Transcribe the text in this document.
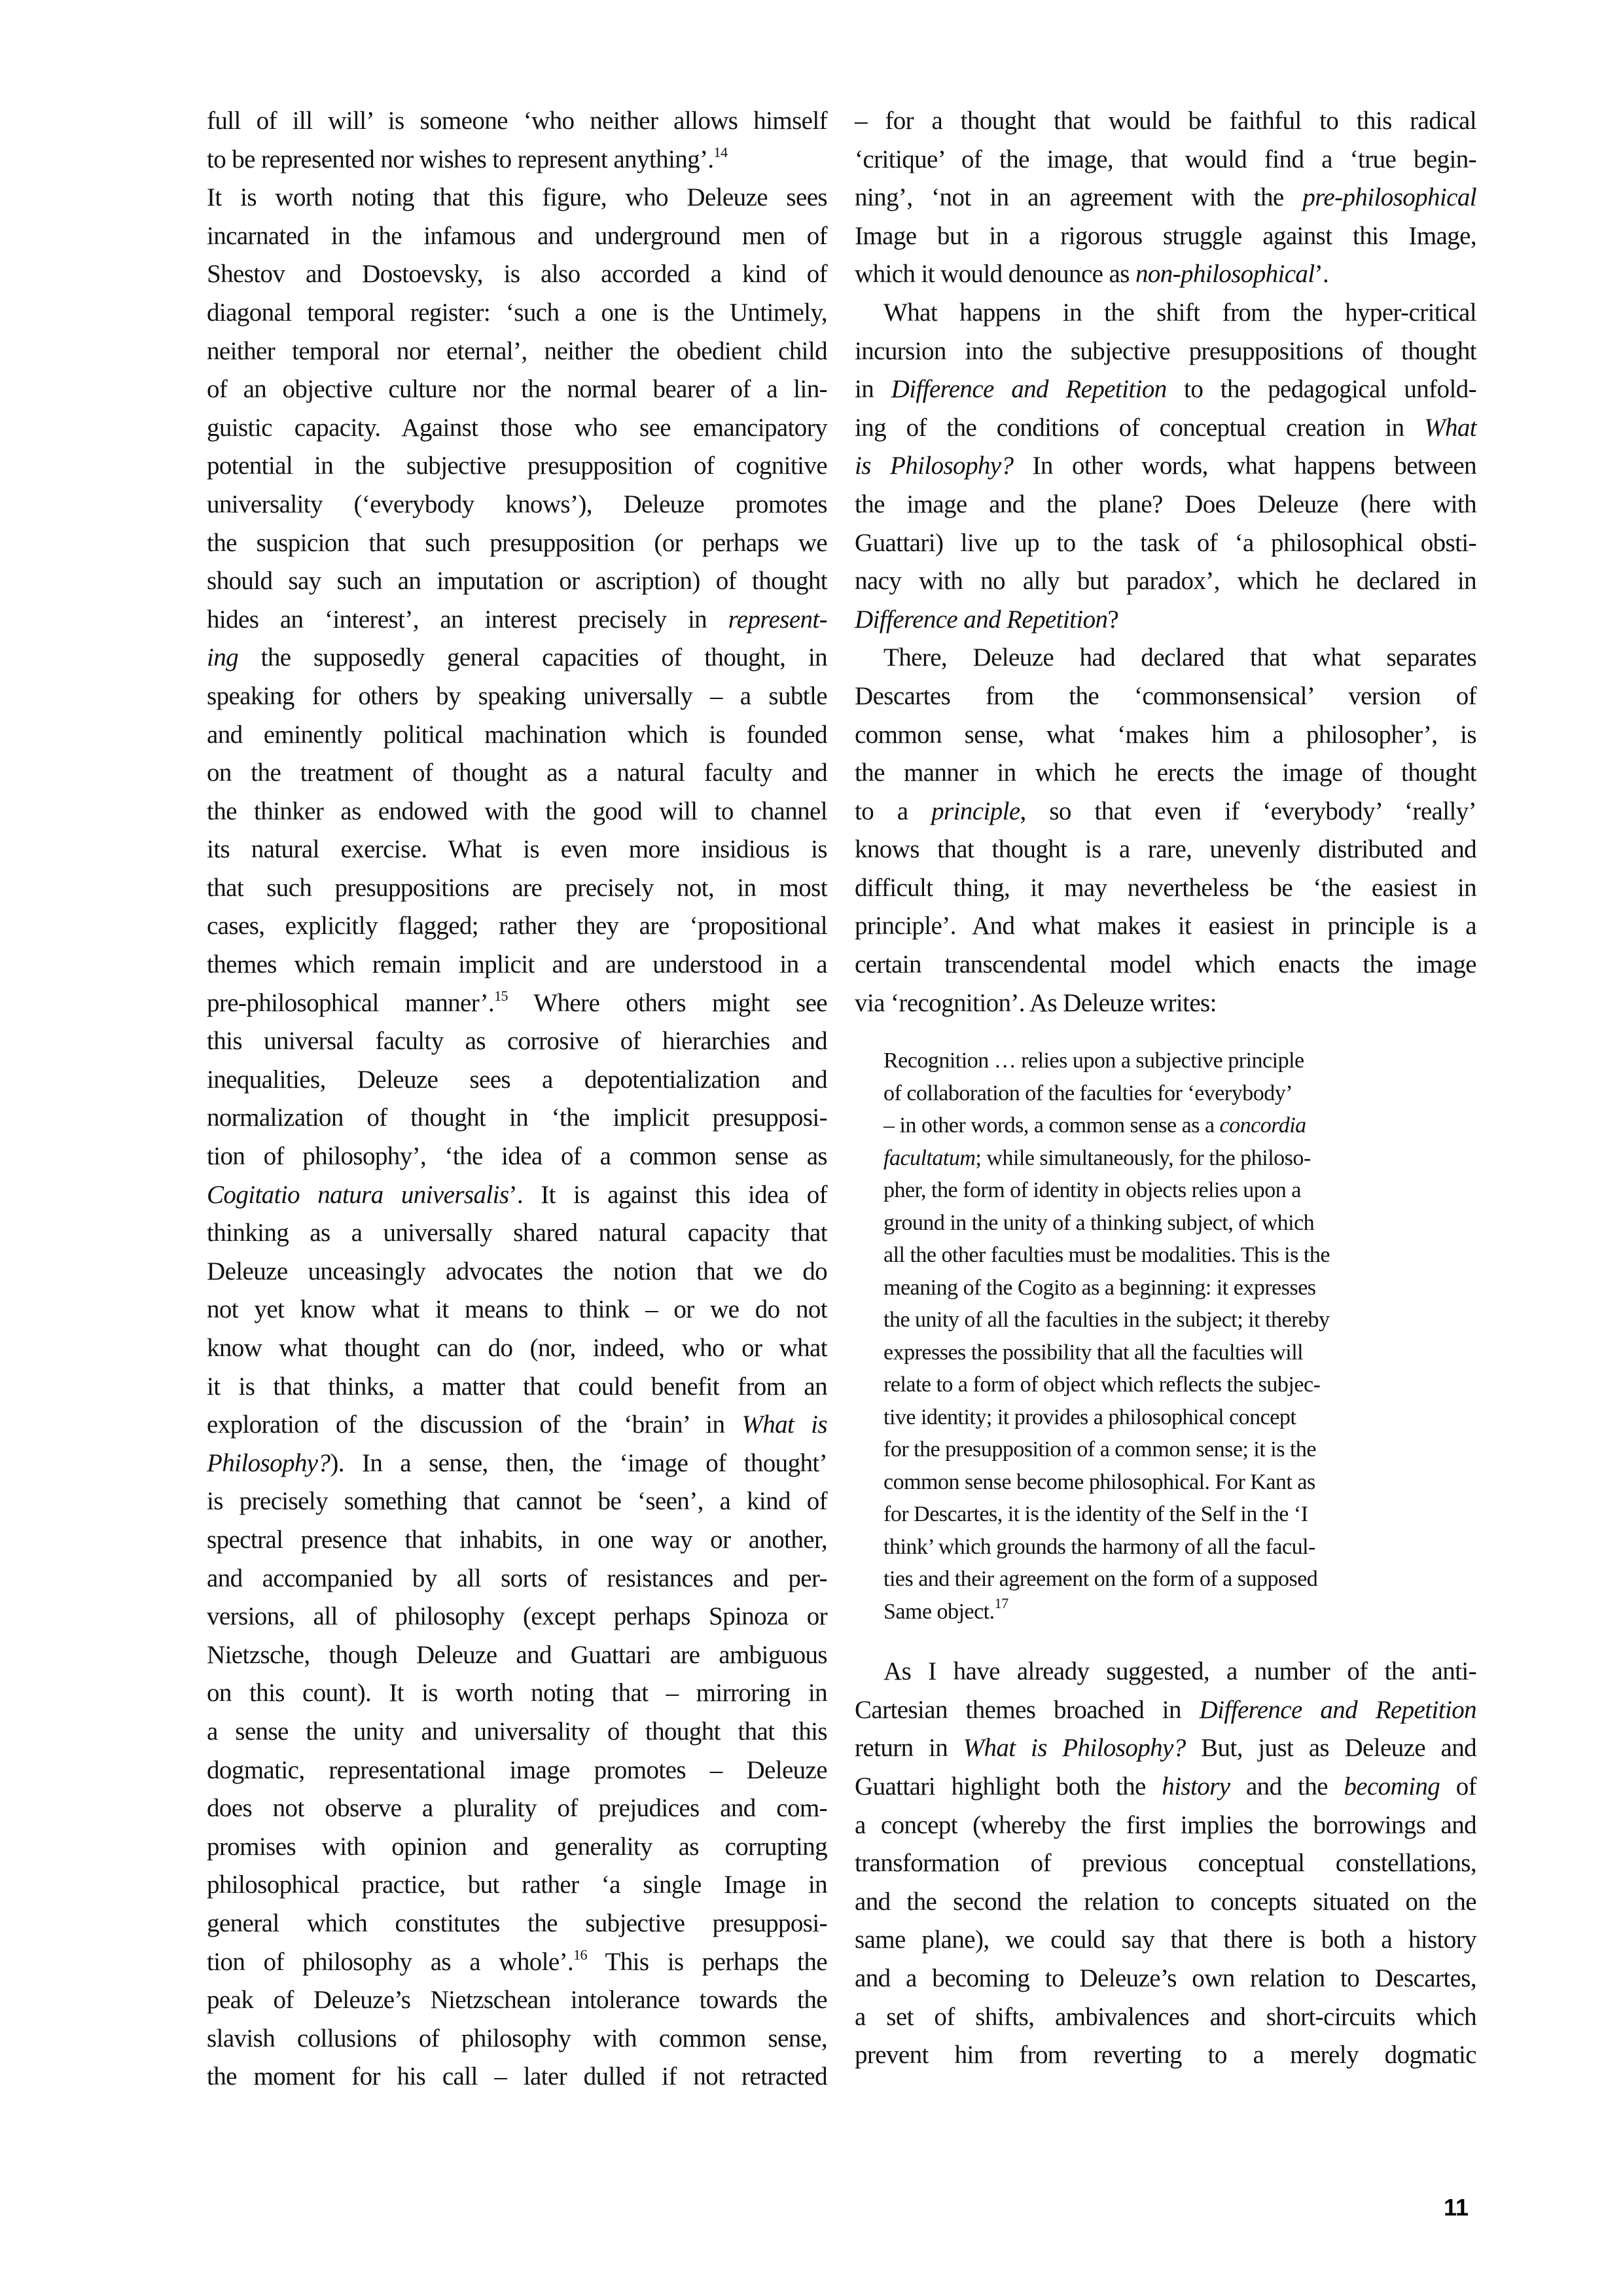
full of ill will’ is someone ‘who neither allows himself
to be represented nor wishes to represent anything’.$^{14}$
It is worth noting that this figure, who Deleuze sees
incarnated in the infamous and underground men of
Shestov and Dostoevsky, is also accorded a kind of
diagonal temporal register: ‘such a one is the Untimely,
neither temporal nor eternal’, neither the obedient child
of an objective culture nor the normal bearer of a lin-
guistic capacity. Against those who see emancipatory
potential in the subjective presupposition of cognitive
universality (‘everybody knows’), Deleuze promotes
the suspicion that such presupposition (or perhaps we
should say such an imputation or ascription) of thought
hides an ‘interest’, an interest precisely in represent-
ing the supposedly general capacities of thought, in
speaking for others by speaking universally – a subtle
and eminently political machination which is founded
on the treatment of thought as a natural faculty and
the thinker as endowed with the good will to channel
its natural exercise. What is even more insidious is
that such presuppositions are precisely not, in most
cases, explicitly flagged; rather they are ‘propositional
themes which remain implicit and are understood in a
pre-philosophical manner’.$^{15}$ Where others might see
this universal faculty as corrosive of hierarchies and
inequalities, Deleuze sees a depotentialization and
normalization of thought in ‘the implicit presupposi-
tion of philosophy’, ‘the idea of a common sense as
Cogitatio natura universalis’. It is against this idea of
thinking as a universally shared natural capacity that
Deleuze unceasingly advocates the notion that we do
not yet know what it means to think – or we do not
know what thought can do (nor, indeed, who or what
it is that thinks, a matter that could benefit from an
exploration of the discussion of the ‘brain’ in What is
Philosophy?). In a sense, then, the ‘image of thought’
is precisely something that cannot be ‘seen’, a kind of
spectral presence that inhabits, in one way or another,
and accompanied by all sorts of resistances and per-
versions, all of philosophy (except perhaps Spinoza or
Nietzsche, though Deleuze and Guattari are ambiguous
on this count). It is worth noting that – mirroring in
a sense the unity and universality of thought that this
dogmatic, representational image promotes – Deleuze
does not observe a plurality of prejudices and com-
promises with opinion and generality as corrupting
philosophical practice, but rather ‘a single Image in
general which constitutes the subjective presupposi-
tion of philosophy as a whole’.$^{16}$ This is perhaps the
peak of Deleuze’s Nietzschean intolerance towards the
slavish collusions of philosophy with common sense,
the moment for his call – later dulled if not retracted
– for a thought that would be faithful to this radical
‘critique’ of the image, that would find a ‘true begin-
ning’, ‘not in an agreement with the pre-philosophical
Image but in a rigorous struggle against this Image,
which it would denounce as non-philosophical’.
What happens in the shift from the hyper-critical
incursion into the subjective presuppositions of thought
in Difference and Repetition to the pedagogical unfold-
ing of the conditions of conceptual creation in What
is Philosophy? In other words, what happens between
the image and the plane? Does Deleuze (here with
Guattari) live up to the task of ‘a philosophical obsti-
nacy with no ally but paradox’, which he declared in
Difference and Repetition?
There, Deleuze had declared that what separates
Descartes from the ‘commonsensical’ version of
common sense, what ‘makes him a philosopher’, is
the manner in which he erects the image of thought
to a principle, so that even if ‘everybody’ ‘really’
knows that thought is a rare, unevenly distributed and
difficult thing, it may nevertheless be ‘the easiest in
principle’. And what makes it easiest in principle is a
certain transcendental model which enacts the image
via ‘recognition’. As Deleuze writes:
Recognition … relies upon a subjective principle
of collaboration of the faculties for ‘everybody’
– in other words, a common sense as a concordia
facultatum; while simultaneously, for the philoso-
pher, the form of identity in objects relies upon a
ground in the unity of a thinking subject, of which
all the other faculties must be modalities. This is the
meaning of the Cogito as a beginning: it expresses
the unity of all the faculties in the subject; it thereby
expresses the possibility that all the faculties will
relate to a form of object which reflects the subjec-
tive identity; it provides a philosophical concept
for the presupposition of a common sense; it is the
common sense become philosophical. For Kant as
for Descartes, it is the identity of the Self in the ‘I
think’ which grounds the harmony of all the facul-
ties and their agreement on the form of a supposed
Same object.$^{17}$
As I have already suggested, a number of the anti-
Cartesian themes broached in Difference and Repetition
return in What is Philosophy? But, just as Deleuze and
Guattari highlight both the history and the becoming of
a concept (whereby the first implies the borrowings and
transformation of previous conceptual constellations,
and the second the relation to concepts situated on the
same plane), we could say that there is both a history
and a becoming to Deleuze’s own relation to Descartes,
a set of shifts, ambivalences and short-circuits which
prevent him from reverting to a merely dogmatic
11
